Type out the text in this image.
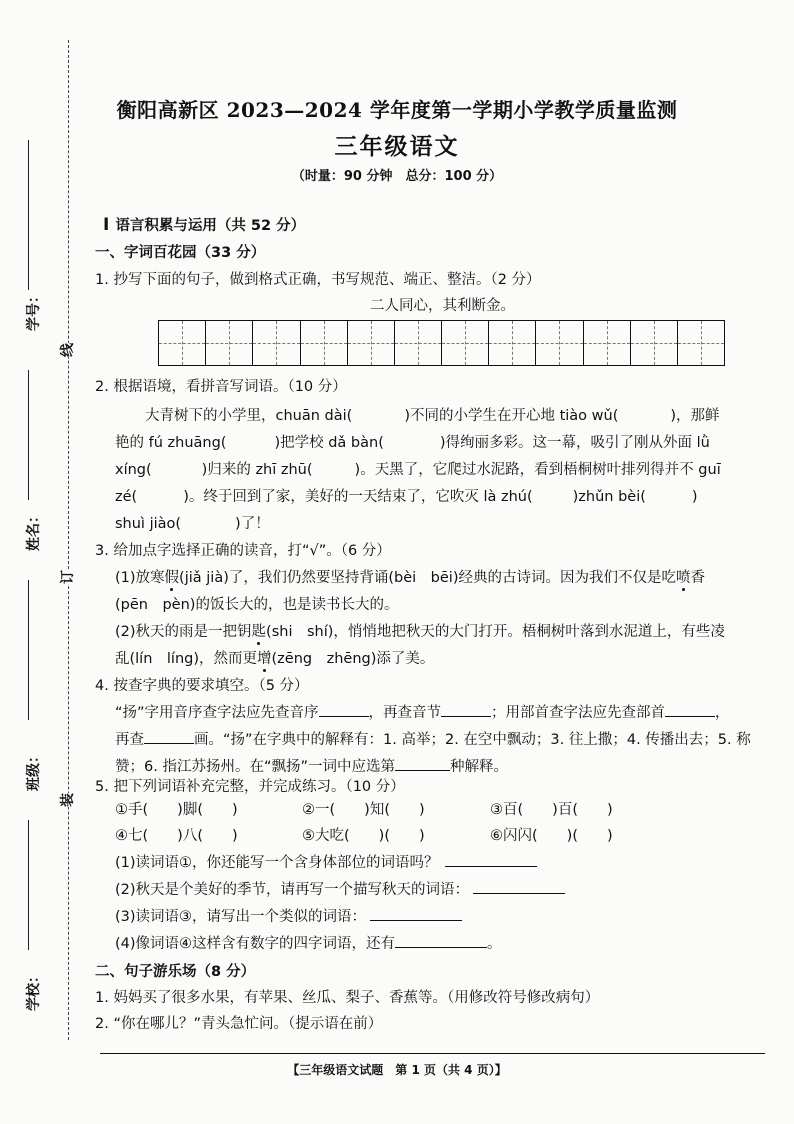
学号：
姓名：
班级：
学校：
线
订
装
衡阳高新区 2023—2024 学年度第一学期小学教学质量监测
三年级语文
（时量：90 分钟　总分：100 分）
Ⅰ 语言积累与运用（共 52 分）
一、字词百花园（33 分）
1. 抄写下面的句子，做到格式正确，书写规范、端正、整洁。（2 分）
二人同心，其利断金。
2. 根据语境，看拼音写词语。（10 分）
大青树下的小学里，chuān dài(	)不同的小学生在开心地 tiào wǔ(	)，那鲜
艳的 fú zhuāng(	)把学校 dǎ bàn(	)得绚丽多彩。这一幕，吸引了刚从外面 lǜ
xíng(	)归来的 zhī zhū(	)。天黑了，它爬过水泥路，看到梧桐树叶排列得并不 guī
zé(	)。终于回到了家，美好的一天结束了，它吹灭 là zhú(	)zhǔn bèi(	)
shuì jiào(	)了！
3. 给加点字选择正确的读音，打“√”。（6 分）
(1)放寒假(jiǎ jià)了，我们仍然要坚持背诵(bèi　bēi)经典的古诗词。因为我们不仅是吃喷香
(pēn　pèn)的饭长大的，也是读书长大的。
(2)秋天的雨是一把钥匙(shi　shí)，悄悄地把秋天的大门打开。梧桐树叶落到水泥道上，有些凌
乱(lín　líng)，然而更增(zēng　zhēng)添了美。
4. 按查字典的要求填空。（5 分）
“扬”字用音序查字法应先查音序	，再查音节	；用部首查字法应先查部首	，
再查	画。“扬”在字典中的解释有：1. 高举；2. 在空中飘动；3. 往上撒；4. 传播出去；5. 称
赞；6. 指江苏扬州。在“飘扬”一词中应选第	种解释。
5. 把下列词语补充完整，并完成练习。（10 分）
①手(　　)脚(　　)	②一(　　)知(　　)	③百(　　)百(　　)
④七(　　)八(　　)	⑤大吃(　　)(　　)	⑥闪闪(　　)(　　)
(1)读词语①，你还能写一个含身体部位的词语吗？
(2)秋天是个美好的季节，请再写一个描写秋天的词语：
(3)读词语③，请写出一个类似的词语：
(4)像词语④这样含有数字的四字词语，还有	。
二、句子游乐场（8 分）
1. 妈妈买了很多水果，有苹果、丝瓜、梨子、香蕉等。（用修改符号修改病句）
2. “你在哪儿？”青头急忙问。（提示语在前）
【三年级语文试题　第 1 页（共 4 页）】
